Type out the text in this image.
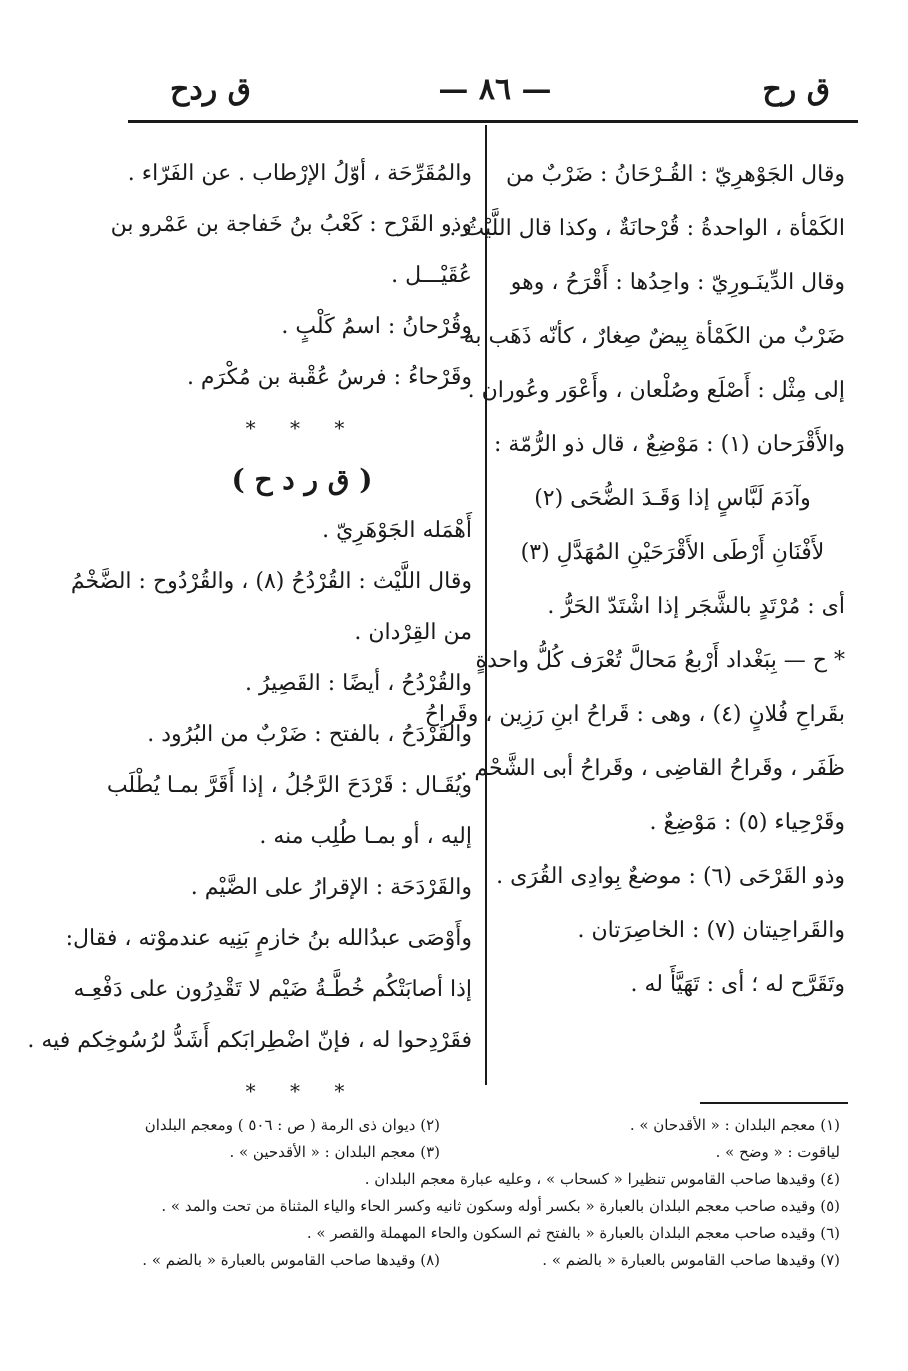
ق رح
— ٨٦ —
ق ردح
وقال الجَوْهرِيّ : القُـرْحَانُ : ضَرْبٌ من
الكَمْأة ، الواحدةُ : قُرْحانَةٌ ، وكذا قال اللَّيْثُ .
وقال الدِّينَـورِيّ : واحِدُها : أَقْرَحُ ، وهو
ضَرْبٌ من الكَمْأة بِيضٌ صِغارٌ ، كأنّه ذَهَب به
إلى مِثْل : أَصْلَع وصُلْعان ، وأَعْوَر وعُوران .
والأَقْرَحان (١) : مَوْضِعٌ ، قال ذو الرُّمّة :
وآدَمَ لَبَّاسٍ إذا وَقَـدَ الضُّحَى (٢)
لأَفْنَانِ أَرْطَى الأَقْرَحَيْنِ المُهَدَّلِ (٣)
أى : مُرْتَدٍ بالشَّجَر إذا اشْتَدّ الحَرُّ .
* ح — بِبَغْداد أَرْبعُ مَحالَّ تُعْرَف كُلُّ واحدةٍ
بقَراحِ فُلانٍ (٤) ، وهى : قَراحُ ابنِ رَزِين ، وقَراحُ
ظَفَر ، وقَراحُ القاضِى ، وقَراحُ أبى الشَّحْم .
وقَرْحِياء (٥) : مَوْضِعٌ .
وذو القَرْحَى (٦) : موضعٌ بِوادِى القُرَى .
والقَراحِيتان (٧) : الخاصِرَتان .
وتَقَرَّح له ؛ أى : تَهَيَّأَ له .
والمُقَرِّحَة ، أوّلُ الإرْطاب . عن الفَرّاء .
وذو القَرْح : كَعْبُ بنُ خَفاجة بن عَمْرو بن
عُقَيْـــل .
وقُرْحانُ : اسمُ كَلْبٍ .
وقَرْحاءُ : فرسُ عُقْبة بن مُكْرَم .
* * *
( ق ر د ح )
أَهْمَله الجَوْهَرِيّ .
وقال اللَّيْث : القُرْدُحُ (٨) ، والقُرْدُوح : الضَّخْمُ
من القِرْدان .
والقُرْدُحُ ، أيضًا : القَصِيرُ .
والقَرْدَحُ ، بالفتح : ضَرْبٌ من البُرُود .
ويُقَـال : قَرْدَحَ الرَّجُلُ ، إذا أَقَرَّ بمـا يُطْلَب
إليه ، أو بمـا طُلِب منه .
والقَرْدَحَة : الإقرارُ على الضَّيْم .
وأَوْصَى عبدُالله بنُ خازمٍ بَنِيه عندموْته ، فقال:
إذا أصابَتْكُم خُطَّـةُ ضَيْم لا تَقْدِرُون على دَفْعِـه
فقَرْدِحوا له ، فإنّ اضْطِرابَكم أَشَدُّ لرُسُوخِكم فيه .
* * *
(١) معجم البلدان : « الأقدحان » .
(٢) ديوان ذى الرمة ( ص : ٥٠٦ ) ومعجم البلدان
لياقوت : « وضح » .
(٣) معجم البلدان : « الأقدحين » .
(٤) وقيدها صاحب القاموس تنظيرا « كسحاب » ، وعليه عبارة معجم البلدان .
(٥) وقيده صاحب معجم البلدان بالعبارة « بكسر أوله وسكون ثانيه وكسر الحاء والياء المثناة من تحت والمد » .
(٦) وقيده صاحب معجم البلدان بالعبارة « بالفتح ثم السكون والحاء المهملة والقصر » .
(٧) وقيدها صاحب القاموس بالعبارة « بالضم » .
(٨) وقيدها صاحب القاموس بالعبارة « بالضم » .
